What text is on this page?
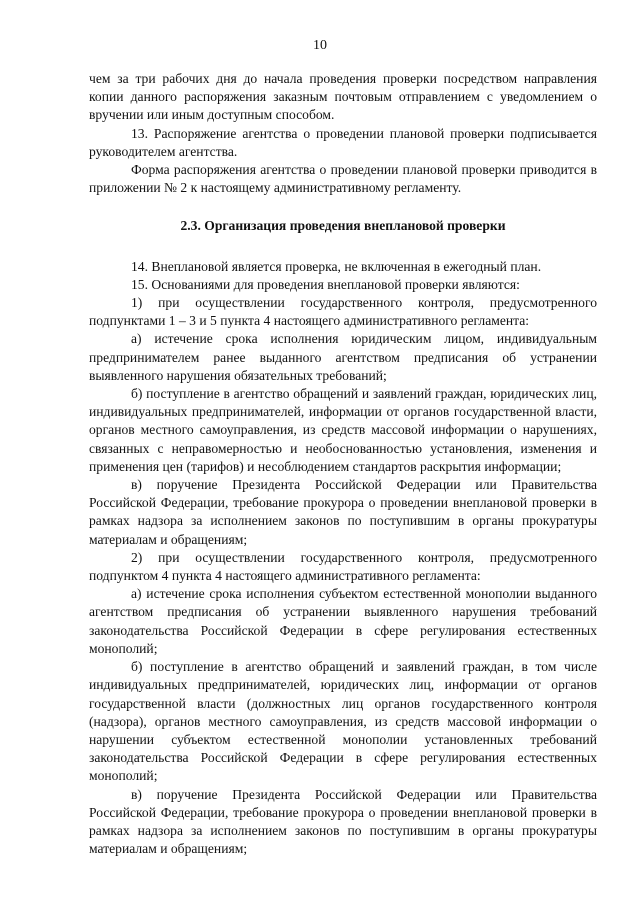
10

чем за три рабочих дня до начала проведения проверки посредством направления копии данного распоряжения заказным почтовым отправлением с уведомлением о вручении или иным доступным способом.

13. Распоряжение агентства о проведении плановой проверки подписывается руководителем агентства.

Форма распоряжения агентства о проведении плановой проверки приводится в приложении № 2 к настоящему административному регламенту.

2.3. Организация проведения внеплановой проверки

14. Внеплановой является проверка, не включенная в ежегодный план.

15. Основаниями для проведения внеплановой проверки являются:

1) при осуществлении государственного контроля, предусмотренного подпунктами 1 – 3 и 5 пункта 4 настоящего административного регламента:

а) истечение срока исполнения юридическим лицом, индивидуальным предпринимателем ранее выданного агентством предписания об устранении выявленного нарушения обязательных требований;

б) поступление в агентство обращений и заявлений граждан, юридических лиц, индивидуальных предпринимателей, информации от органов государственной власти, органов местного самоуправления, из средств массовой информации о нарушениях, связанных с неправомерностью и необоснованностью установления, изменения и применения цен (тарифов) и несоблюдением стандартов раскрытия информации;

в) поручение Президента Российской Федерации или Правительства Российской Федерации, требование прокурора о проведении внеплановой проверки в рамках надзора за исполнением законов по поступившим в органы прокуратуры материалам и обращениям;

2) при осуществлении государственного контроля, предусмотренного подпунктом 4 пункта 4 настоящего административного регламента:

а) истечение срока исполнения субъектом естественной монополии выданного агентством предписания об устранении выявленного нарушения требований законодательства Российской Федерации в сфере регулирования естественных монополий;

б) поступление в агентство обращений и заявлений граждан, в том числе индивидуальных предпринимателей, юридических лиц, информации от органов государственной власти (должностных лиц органов государственного контроля (надзора), органов местного самоуправления, из средств массовой информации о нарушении субъектом естественной монополии установленных требований законодательства Российской Федерации в сфере регулирования естественных монополий;

в) поручение Президента Российской Федерации или Правительства Российской Федерации, требование прокурора о проведении внеплановой проверки в рамках надзора за исполнением законов по поступившим в органы прокуратуры материалам и обращениям;
